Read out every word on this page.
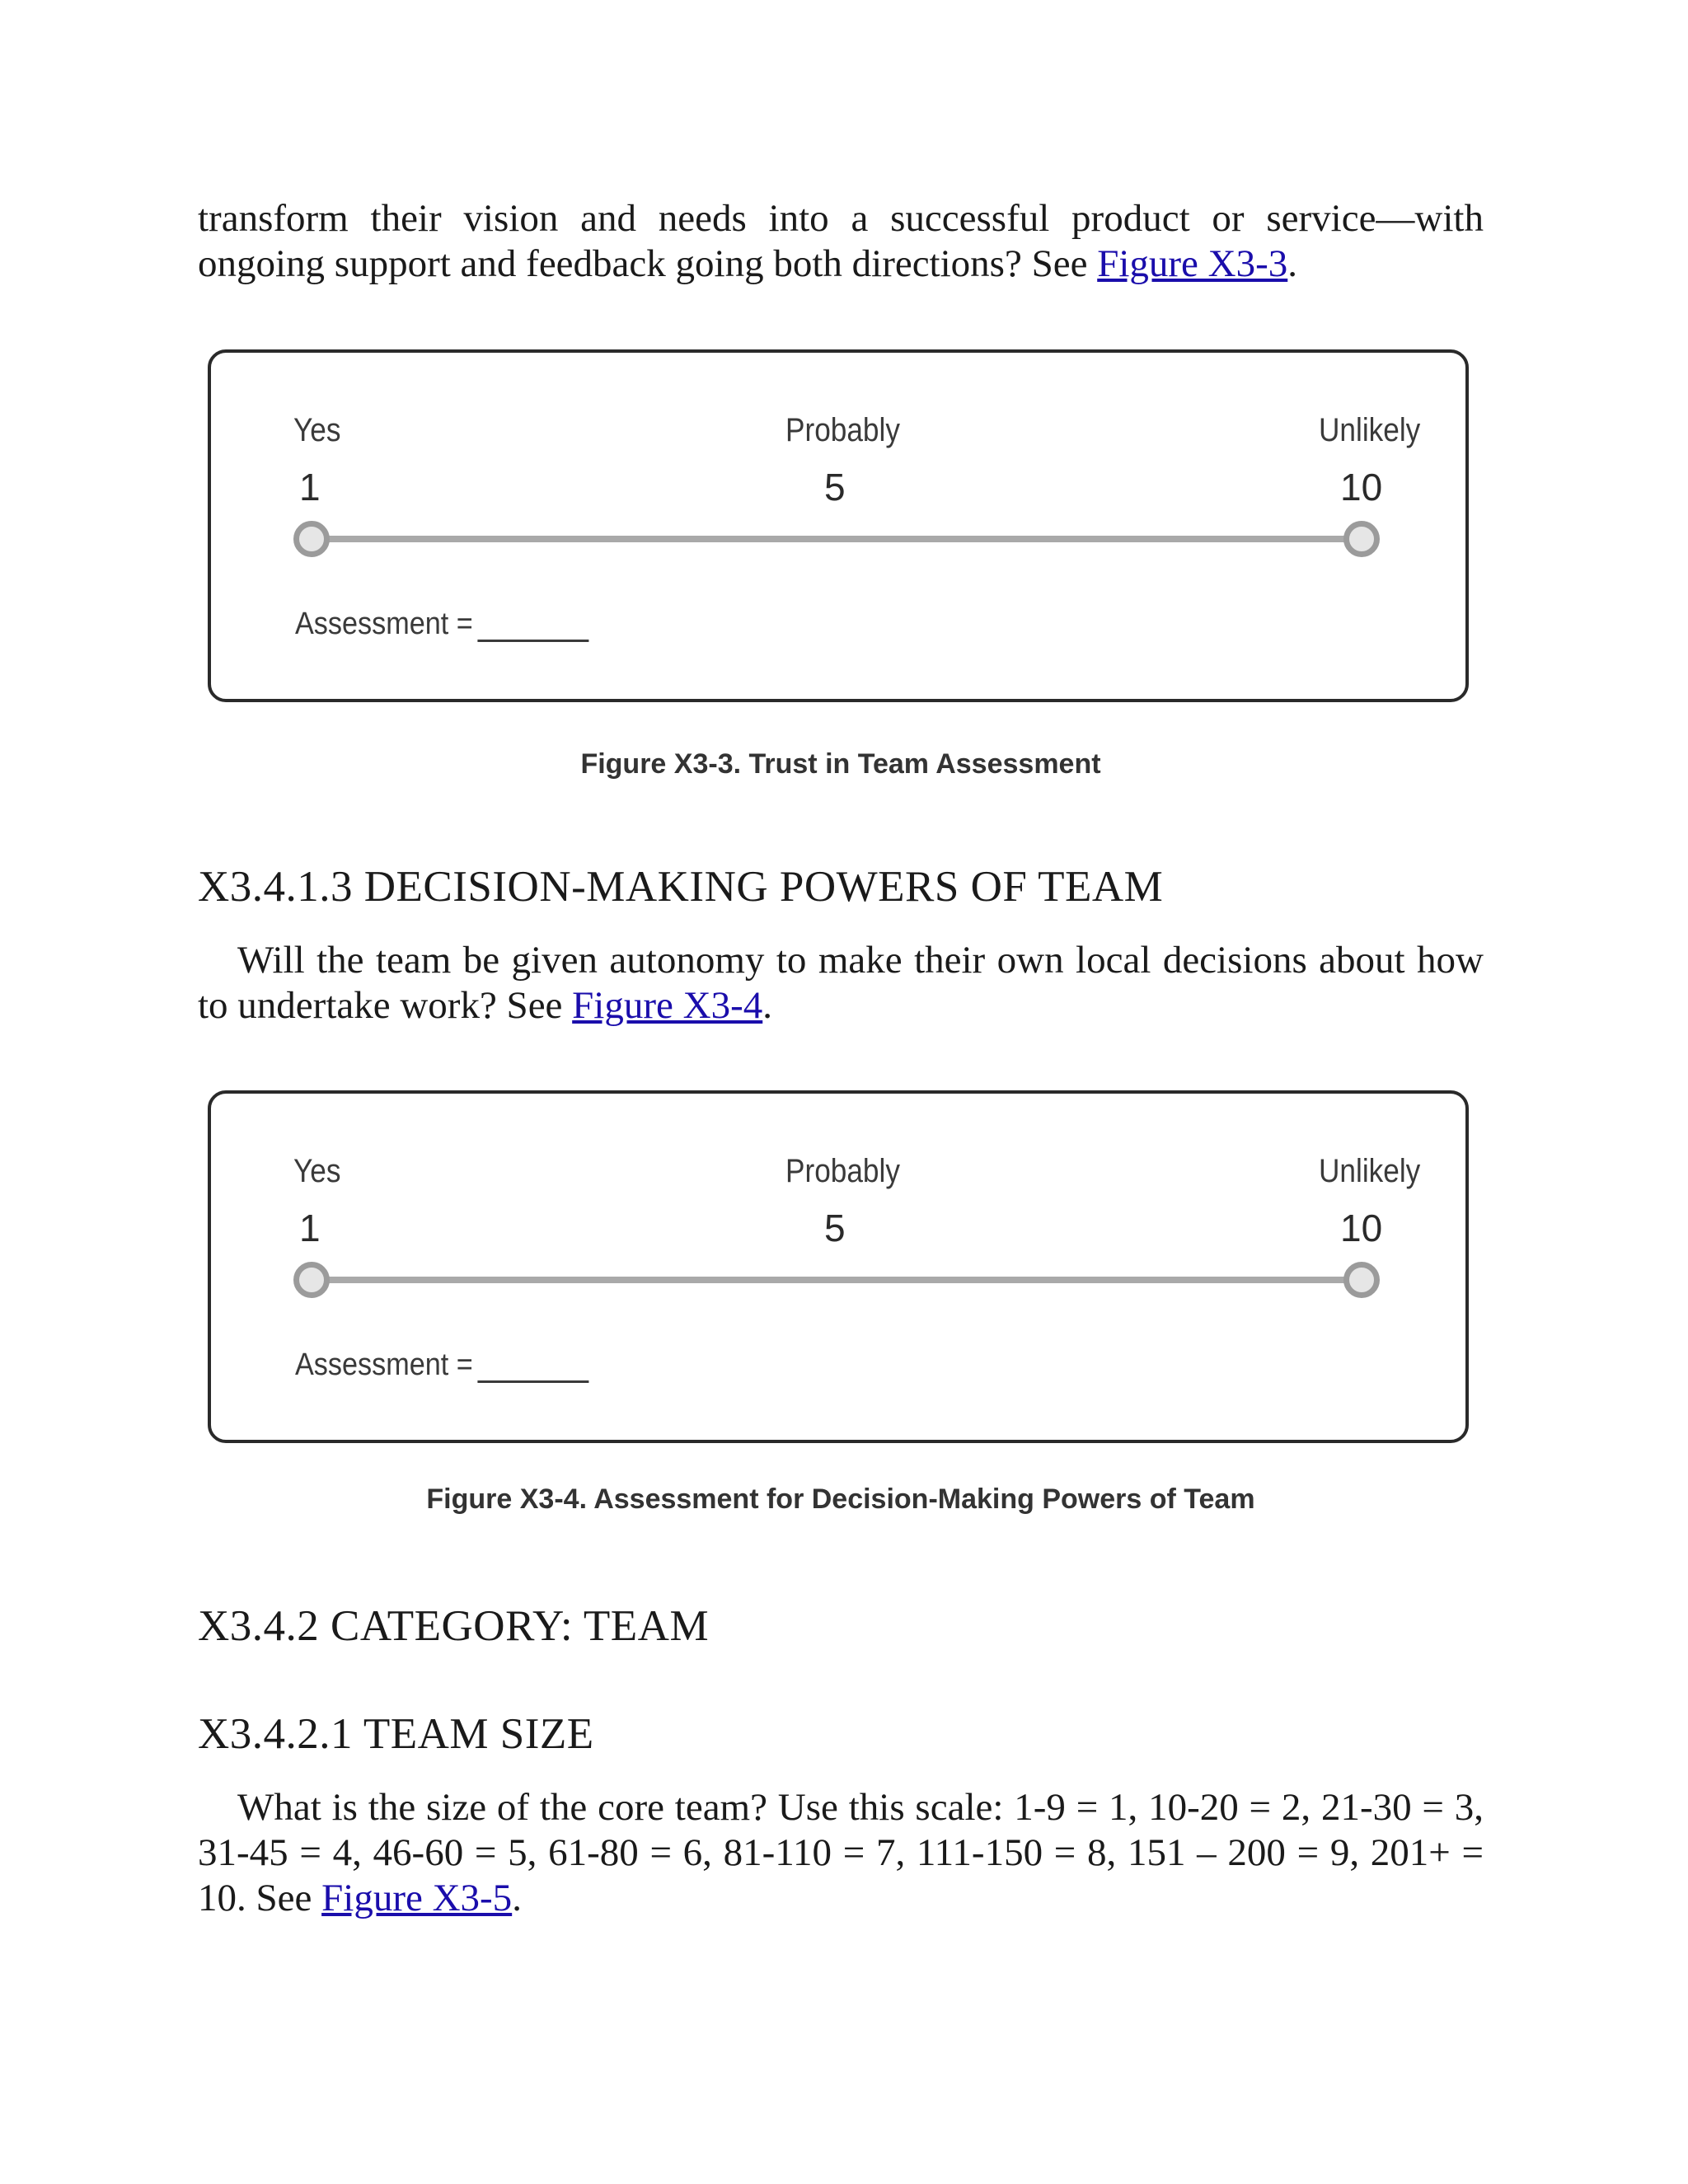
transform their vision and needs into a successful product or service—with ongoing support and feedback going both directions? See Figure X3-3.

Yes	Probably	Unlikely
1	5	10
Assessment =
Figure X3-3. Trust in Team Assessment
X3.4.1.3 DECISION-MAKING POWERS OF TEAM

Will the team be given autonomy to make their own local decisions about how to undertake work? See Figure X3-4.

Yes	Probably	Unlikely
1	5	10
Assessment =
Figure X3-4. Assessment for Decision-Making Powers of Team
X3.4.2 CATEGORY: TEAM
X3.4.2.1 TEAM SIZE

What is the size of the core team? Use this scale: 1-9 = 1, 10-20 = 2, 21-30 = 3, 31-45 = 4, 46-60 = 5, 61-80 = 6, 81-110 = 7, 111-150 = 8, 151 – 200 = 9, 201+ = 10. See Figure X3-5.
